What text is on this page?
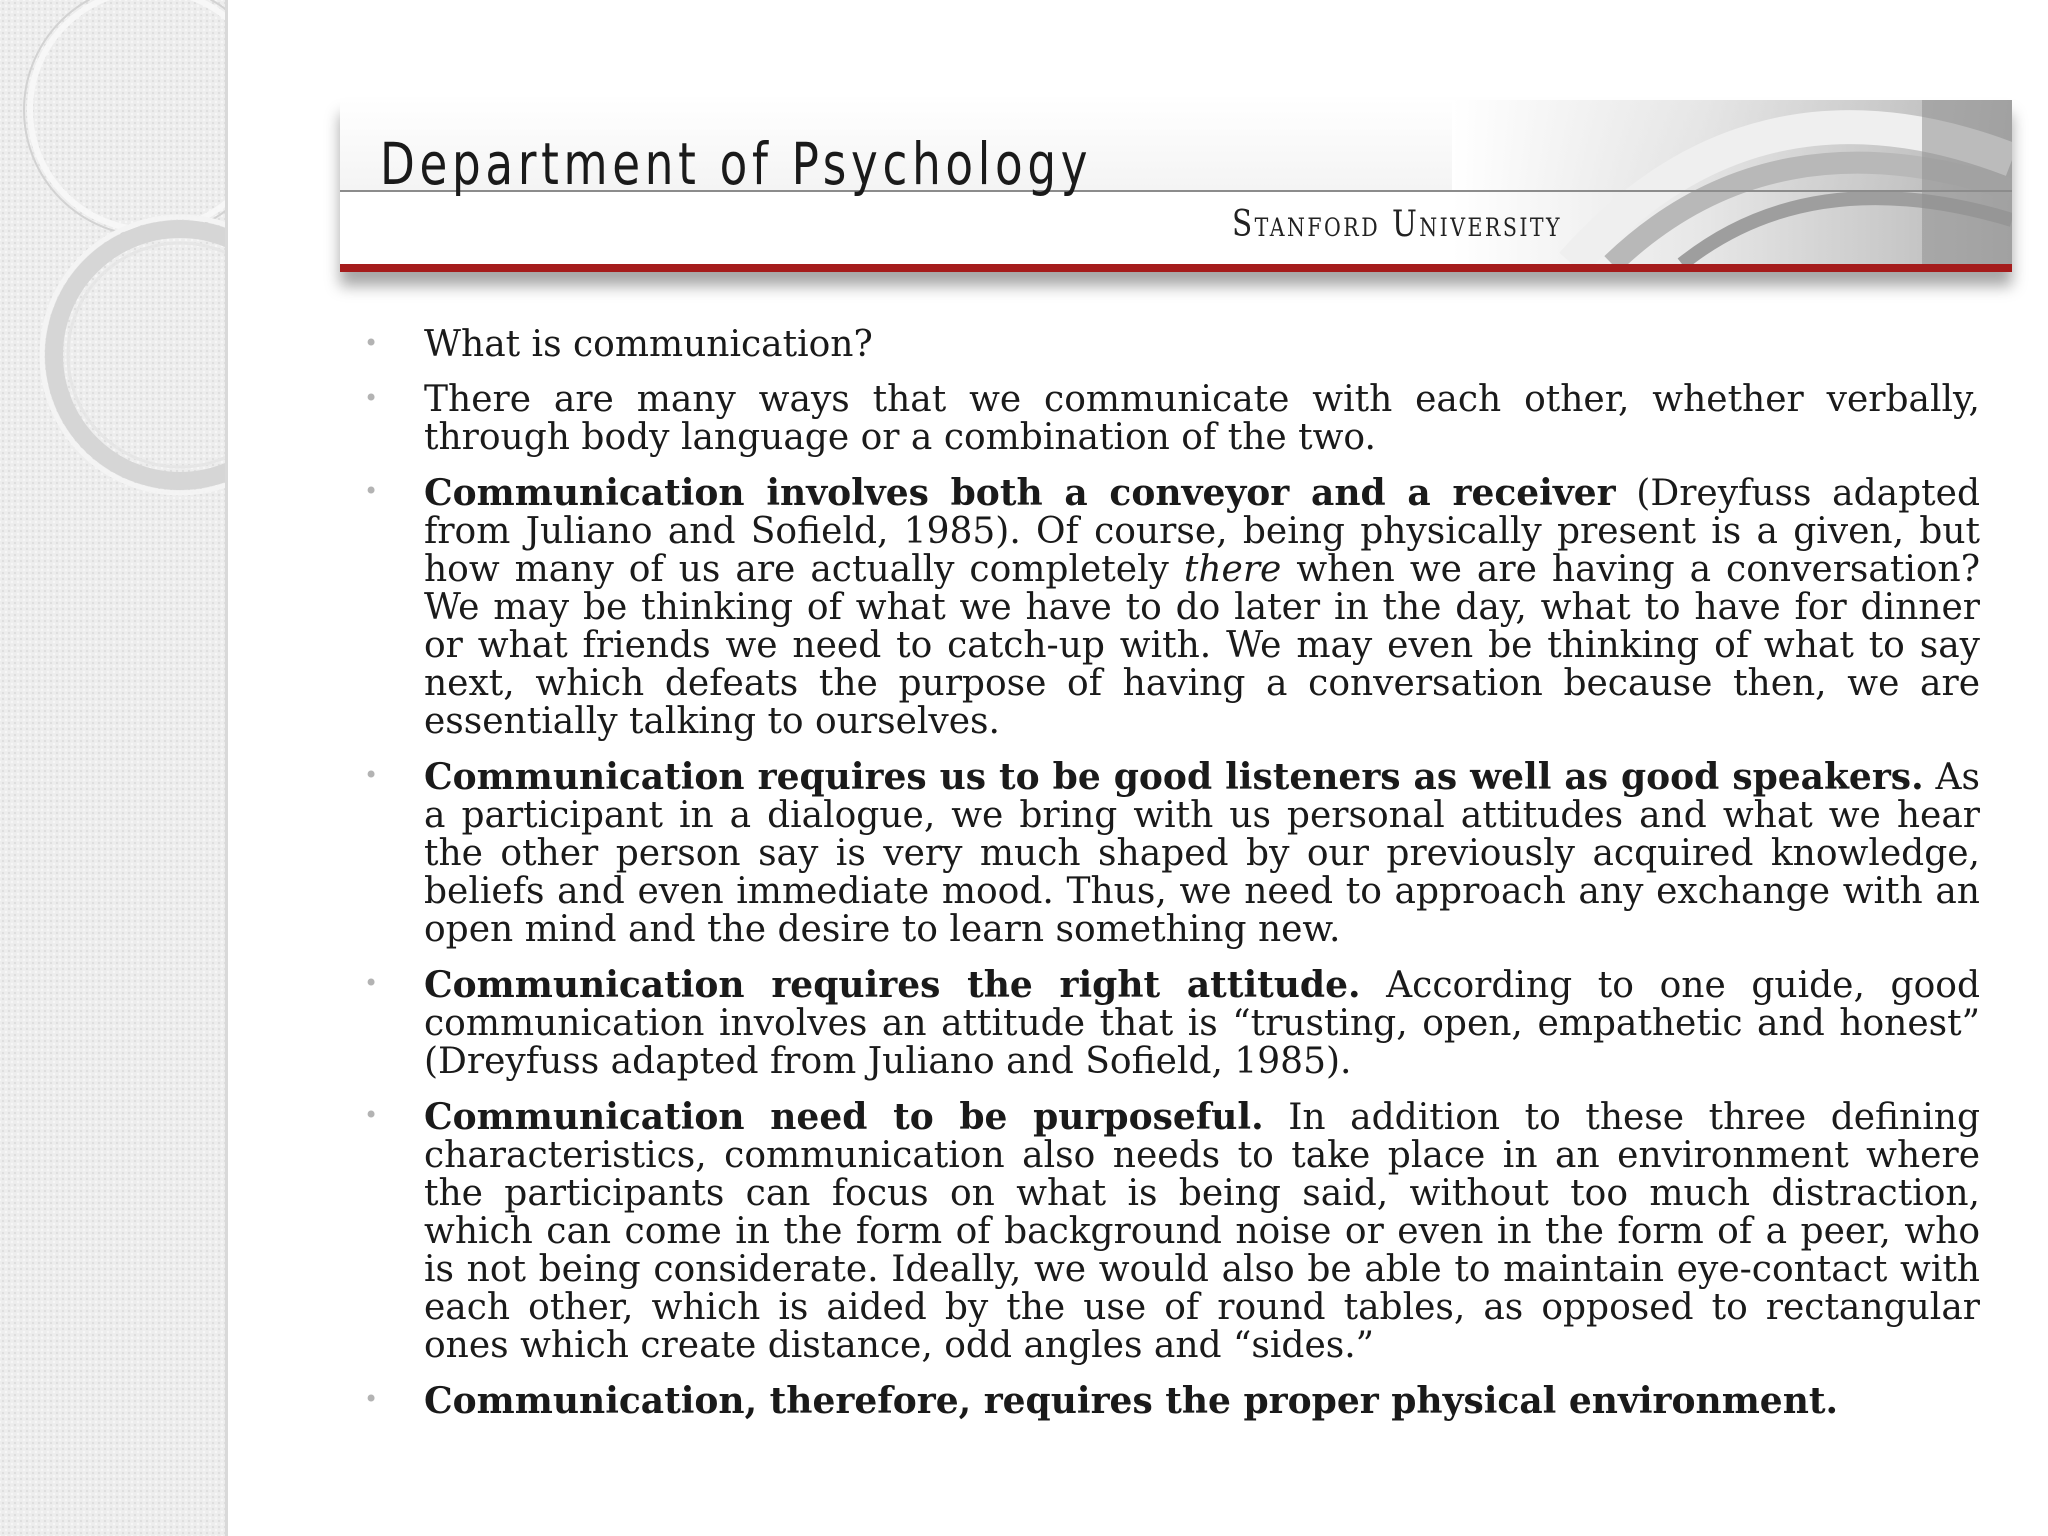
Department of Psychology
Stanford University
• What is communication?
• There are many ways that we communicate with each other, whether verbally, through body language or a combination of the two.
• Communication involves both a conveyor and a receiver (Dreyfuss adapted from Juliano and Sofield, 1985). Of course, being physically present is a given, but how many of us are actually completely there when we are having a conversation? We may be thinking of what we have to do later in the day, what to have for dinner or what friends we need to catch-up with. We may even be thinking of what to say next, which defeats the purpose of having a conversation because then, we are essentially talking to ourselves.
• Communication requires us to be good listeners as well as good speakers. As a participant in a dialogue, we bring with us personal attitudes and what we hear the other person say is very much shaped by our previously acquired knowledge, beliefs and even immediate mood. Thus, we need to approach any exchange with an open mind and the desire to learn something new.
• Communication requires the right attitude. According to one guide, good communication involves an attitude that is “trusting, open, empathetic and honest” (Dreyfuss adapted from Juliano and Sofield, 1985).
• Communication need to be purposeful. In addition to these three defining characteristics, communication also needs to take place in an environment where the participants can focus on what is being said, without too much distraction, which can come in the form of background noise or even in the form of a peer, who is not being considerate. Ideally, we would also be able to maintain eye-contact with each other, which is aided by the use of round tables, as opposed to rectangular ones which create distance, odd angles and “sides.”
• Communication, therefore, requires the proper physical environment.
